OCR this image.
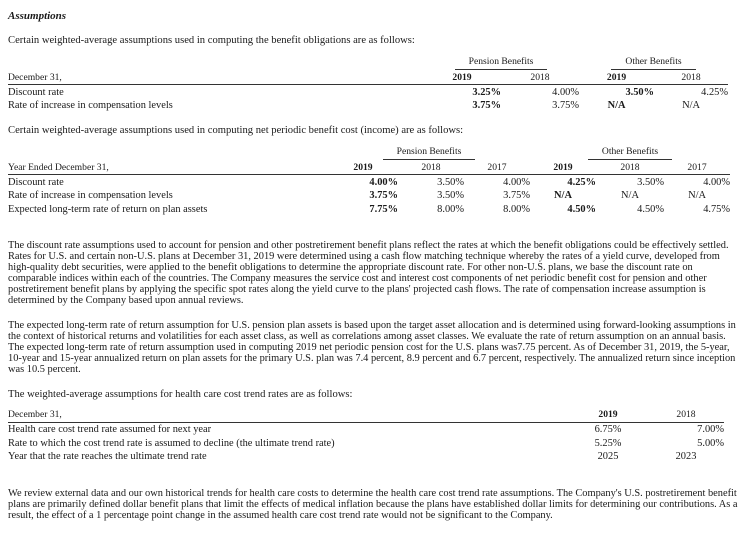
Assumptions
Certain weighted-average assumptions used in computing the benefit obligations are as follows:
	Pension Benefits		Other Benefits	
December 31,	2019	2018	2019	2018
Discount rate	3.25%	4.00%	3.50%	4.25%
Rate of increase in compensation levels	3.75%	3.75%	N/A	N/A
Certain weighted-average assumptions used in computing net periodic benefit cost (income) are as follows:
	Pension Benefits			Other Benefits		
Year Ended December 31,	2019	2018	2017	2019	2018	2017
Discount rate	4.00%	3.50%	4.00%	4.25%	3.50%	4.00%
Rate of increase in compensation levels	3.75%	3.50%	3.75%	N/A	N/A	N/A
Expected long-term rate of return on plan assets	7.75%	8.00%	8.00%	4.50%	4.50%	4.75%

The discount rate assumptions used to account for pension and other postretirement benefit plans reflect the rates at which the benefit obligations could be effectively settled. Rates for U.S. and certain non-U.S. plans at December 31, 2019 were determined using a cash flow matching technique whereby the rates of a yield curve, developed from high-quality debt securities, were applied to the benefit obligations to determine the appropriate discount rate. For other non-U.S. plans, we base the discount rate on comparable indices within each of the countries. The Company measures the service cost and interest cost components of net periodic benefit cost for pension and other postretirement benefit plans by applying the specific spot rates along the yield curve to the plans' projected cash flows. The rate of compensation increase assumption is determined by the Company based upon annual reviews.

The expected long-term rate of return assumption for U.S. pension plan assets is based upon the target asset allocation and is determined using forward-looking assumptions in the context of historical returns and volatilities for each asset class, as well as correlations among asset classes. We evaluate the rate of return assumption on an annual basis. The expected long-term rate of return assumption used in computing 2019 net periodic pension cost for the U.S. plans was7.75 percent. As of December 31, 2019, the 5-year, 10-year and 15-year annualized return on plan assets for the primary U.S. plan was 7.4 percent, 8.9 percent and 6.7 percent, respectively. The annualized return since inception was 10.5 percent.

The weighted-average assumptions for health care cost trend rates are as follows:
December 31,	2019	2018
Health care cost trend rate assumed for next year	6.75%	7.00%
Rate to which the cost trend rate is assumed to decline (the ultimate trend rate)	5.25%	5.00%
Year that the rate reaches the ultimate trend rate	2025	2023

We review external data and our own historical trends for health care costs to determine the health care cost trend rate assumptions. The Company's U.S. postretirement benefit plans are primarily defined dollar benefit plans that limit the effects of medical inflation because the plans have established dollar limits for determining our contributions. As a result, the effect of a 1 percentage point change in the assumed health care cost trend rate would not be significant to the Company.
